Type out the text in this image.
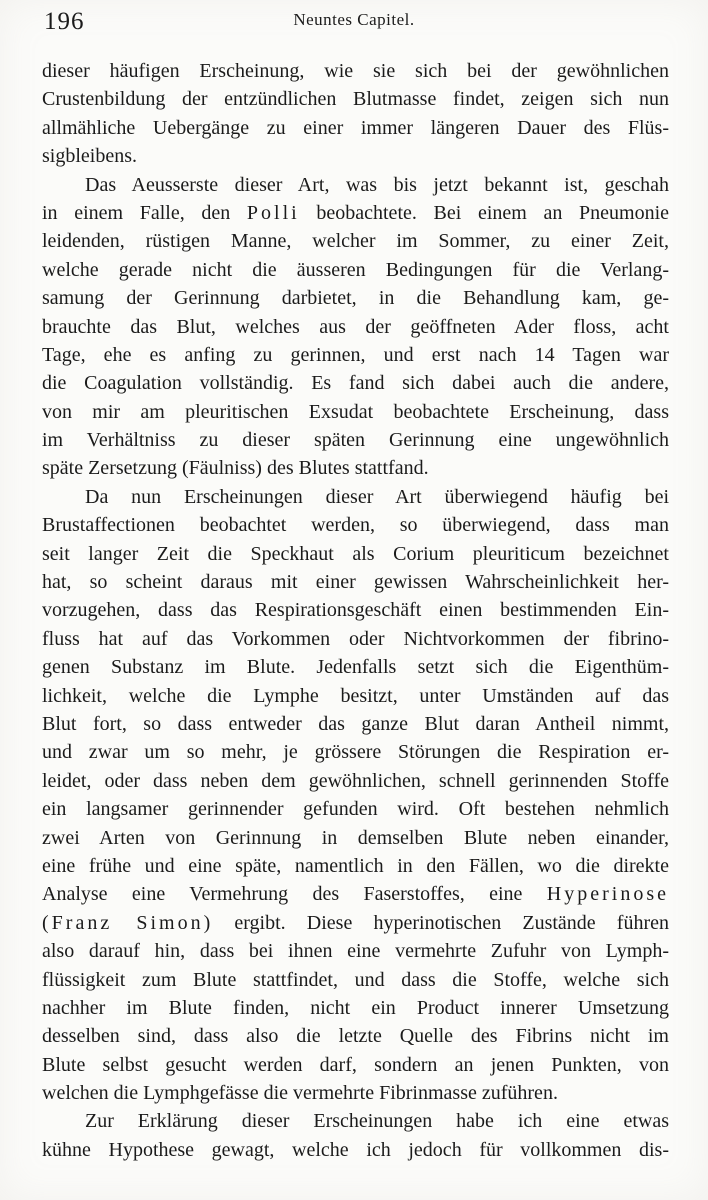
196	Neuntes Capitel.
dieser häufigen Erscheinung, wie sie sich bei der gewöhnlichen
Crustenbildung der entzündlichen Blutmasse findet, zeigen sich nun
allmähliche Uebergänge zu einer immer längeren Dauer des Flüs-
sigbleibens.
Das Aeusserste dieser Art, was bis jetzt bekannt ist, geschah
in einem Falle, den Polli beobachtete. Bei einem an Pneumonie
leidenden, rüstigen Manne, welcher im Sommer, zu einer Zeit,
welche gerade nicht die äusseren Bedingungen für die Verlang-
samung der Gerinnung darbietet, in die Behandlung kam, ge-
brauchte das Blut, welches aus der geöffneten Ader floss, acht
Tage, ehe es anfing zu gerinnen, und erst nach 14 Tagen war
die Coagulation vollständig. Es fand sich dabei auch die andere,
von mir am pleuritischen Exsudat beobachtete Erscheinung, dass
im Verhältniss zu dieser späten Gerinnung eine ungewöhnlich
späte Zersetzung (Fäulniss) des Blutes stattfand.
Da nun Erscheinungen dieser Art überwiegend häufig bei
Brustaffectionen beobachtet werden, so überwiegend, dass man
seit langer Zeit die Speckhaut als Corium pleuriticum bezeichnet
hat, so scheint daraus mit einer gewissen Wahrscheinlichkeit her-
vorzugehen, dass das Respirationsgeschäft einen bestimmenden Ein-
fluss hat auf das Vorkommen oder Nichtvorkommen der fibrino-
genen Substanz im Blute. Jedenfalls setzt sich die Eigenthüm-
lichkeit, welche die Lymphe besitzt, unter Umständen auf das
Blut fort, so dass entweder das ganze Blut daran Antheil nimmt,
und zwar um so mehr, je grössere Störungen die Respiration er-
leidet, oder dass neben dem gewöhnlichen, schnell gerinnenden Stoffe
ein langsamer gerinnender gefunden wird. Oft bestehen nehmlich
zwei Arten von Gerinnung in demselben Blute neben einander,
eine frühe und eine späte, namentlich in den Fällen, wo die direkte
Analyse eine Vermehrung des Faserstoffes, eine Hyperinose
(Franz Simon) ergibt. Diese hyperinotischen Zustände führen
also darauf hin, dass bei ihnen eine vermehrte Zufuhr von Lymph-
flüssigkeit zum Blute stattfindet, und dass die Stoffe, welche sich
nachher im Blute finden, nicht ein Product innerer Umsetzung
desselben sind, dass also die letzte Quelle des Fibrins nicht im
Blute selbst gesucht werden darf, sondern an jenen Punkten, von
welchen die Lymphgefässe die vermehrte Fibrinmasse zuführen.
Zur Erklärung dieser Erscheinungen habe ich eine etwas
kühne Hypothese gewagt, welche ich jedoch für vollkommen dis-
